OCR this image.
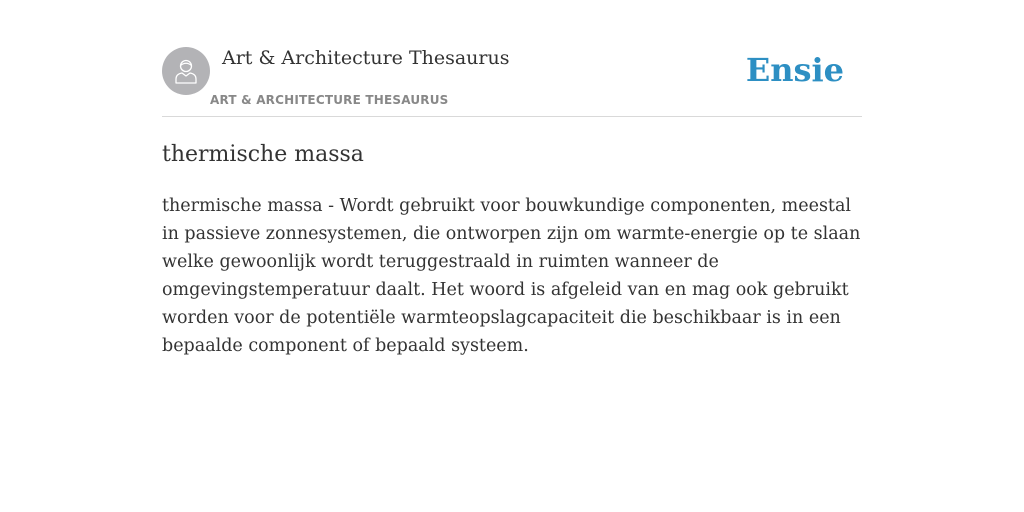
Art & Architecture Thesaurus
ART & ARCHITECTURE THESAURUS
Ensie
thermische massa

thermische massa - Wordt gebruikt voor bouwkundige componenten, meestal in passieve zonnesystemen, die ontworpen zijn om warmte-energie op te slaan welke gewoonlijk wordt teruggestraald in ruimten wanneer de omgevingstemperatuur daalt. Het woord is afgeleid van en mag ook gebruikt worden voor de potentiële warmteopslagcapaciteit die beschikbaar is in een bepaalde component of bepaald systeem.
